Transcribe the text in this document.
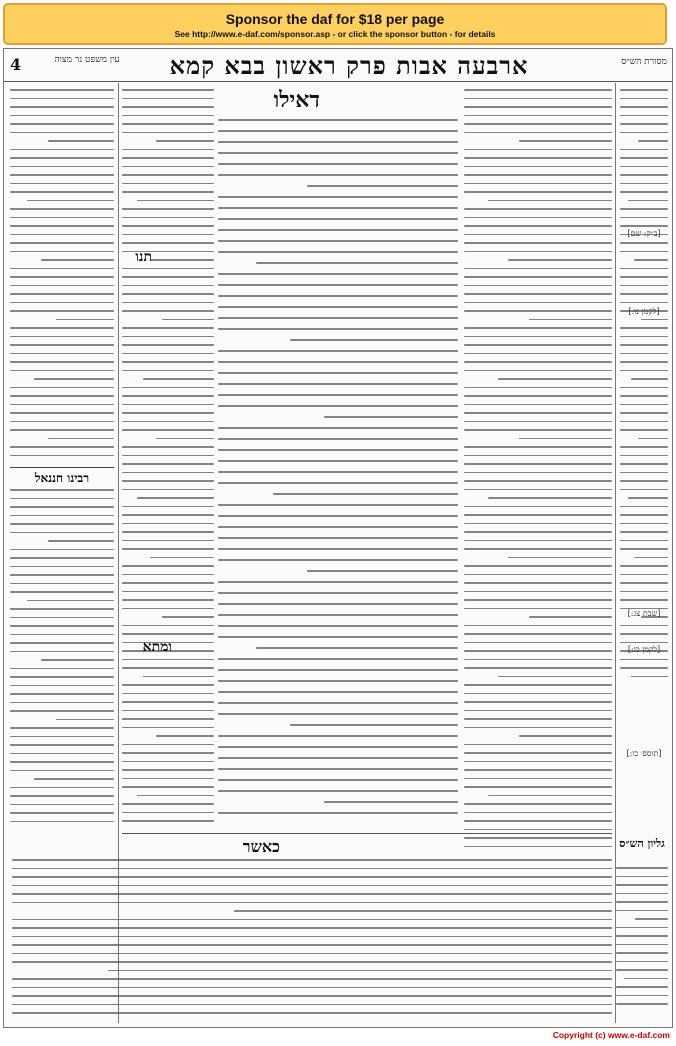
Sponsor the daf for $18 per page
See http://www.e-daf.com/sponsor.asp - or click the sponsor button - for details
4	עין משפט נר מצוה	ארבעה אבות פרק ראשון בבא קמא	מסורת הש״ס
[ב״ק: שם]
[לקמן נו:]
[שבת צג:]
[לקמן כו:]
[תוספ׳ כו:]
גליון הש״ס
דאילו
תנו
ומתא
רבינו חננאל
כאשר
Copyright (c) www.e-daf.com
